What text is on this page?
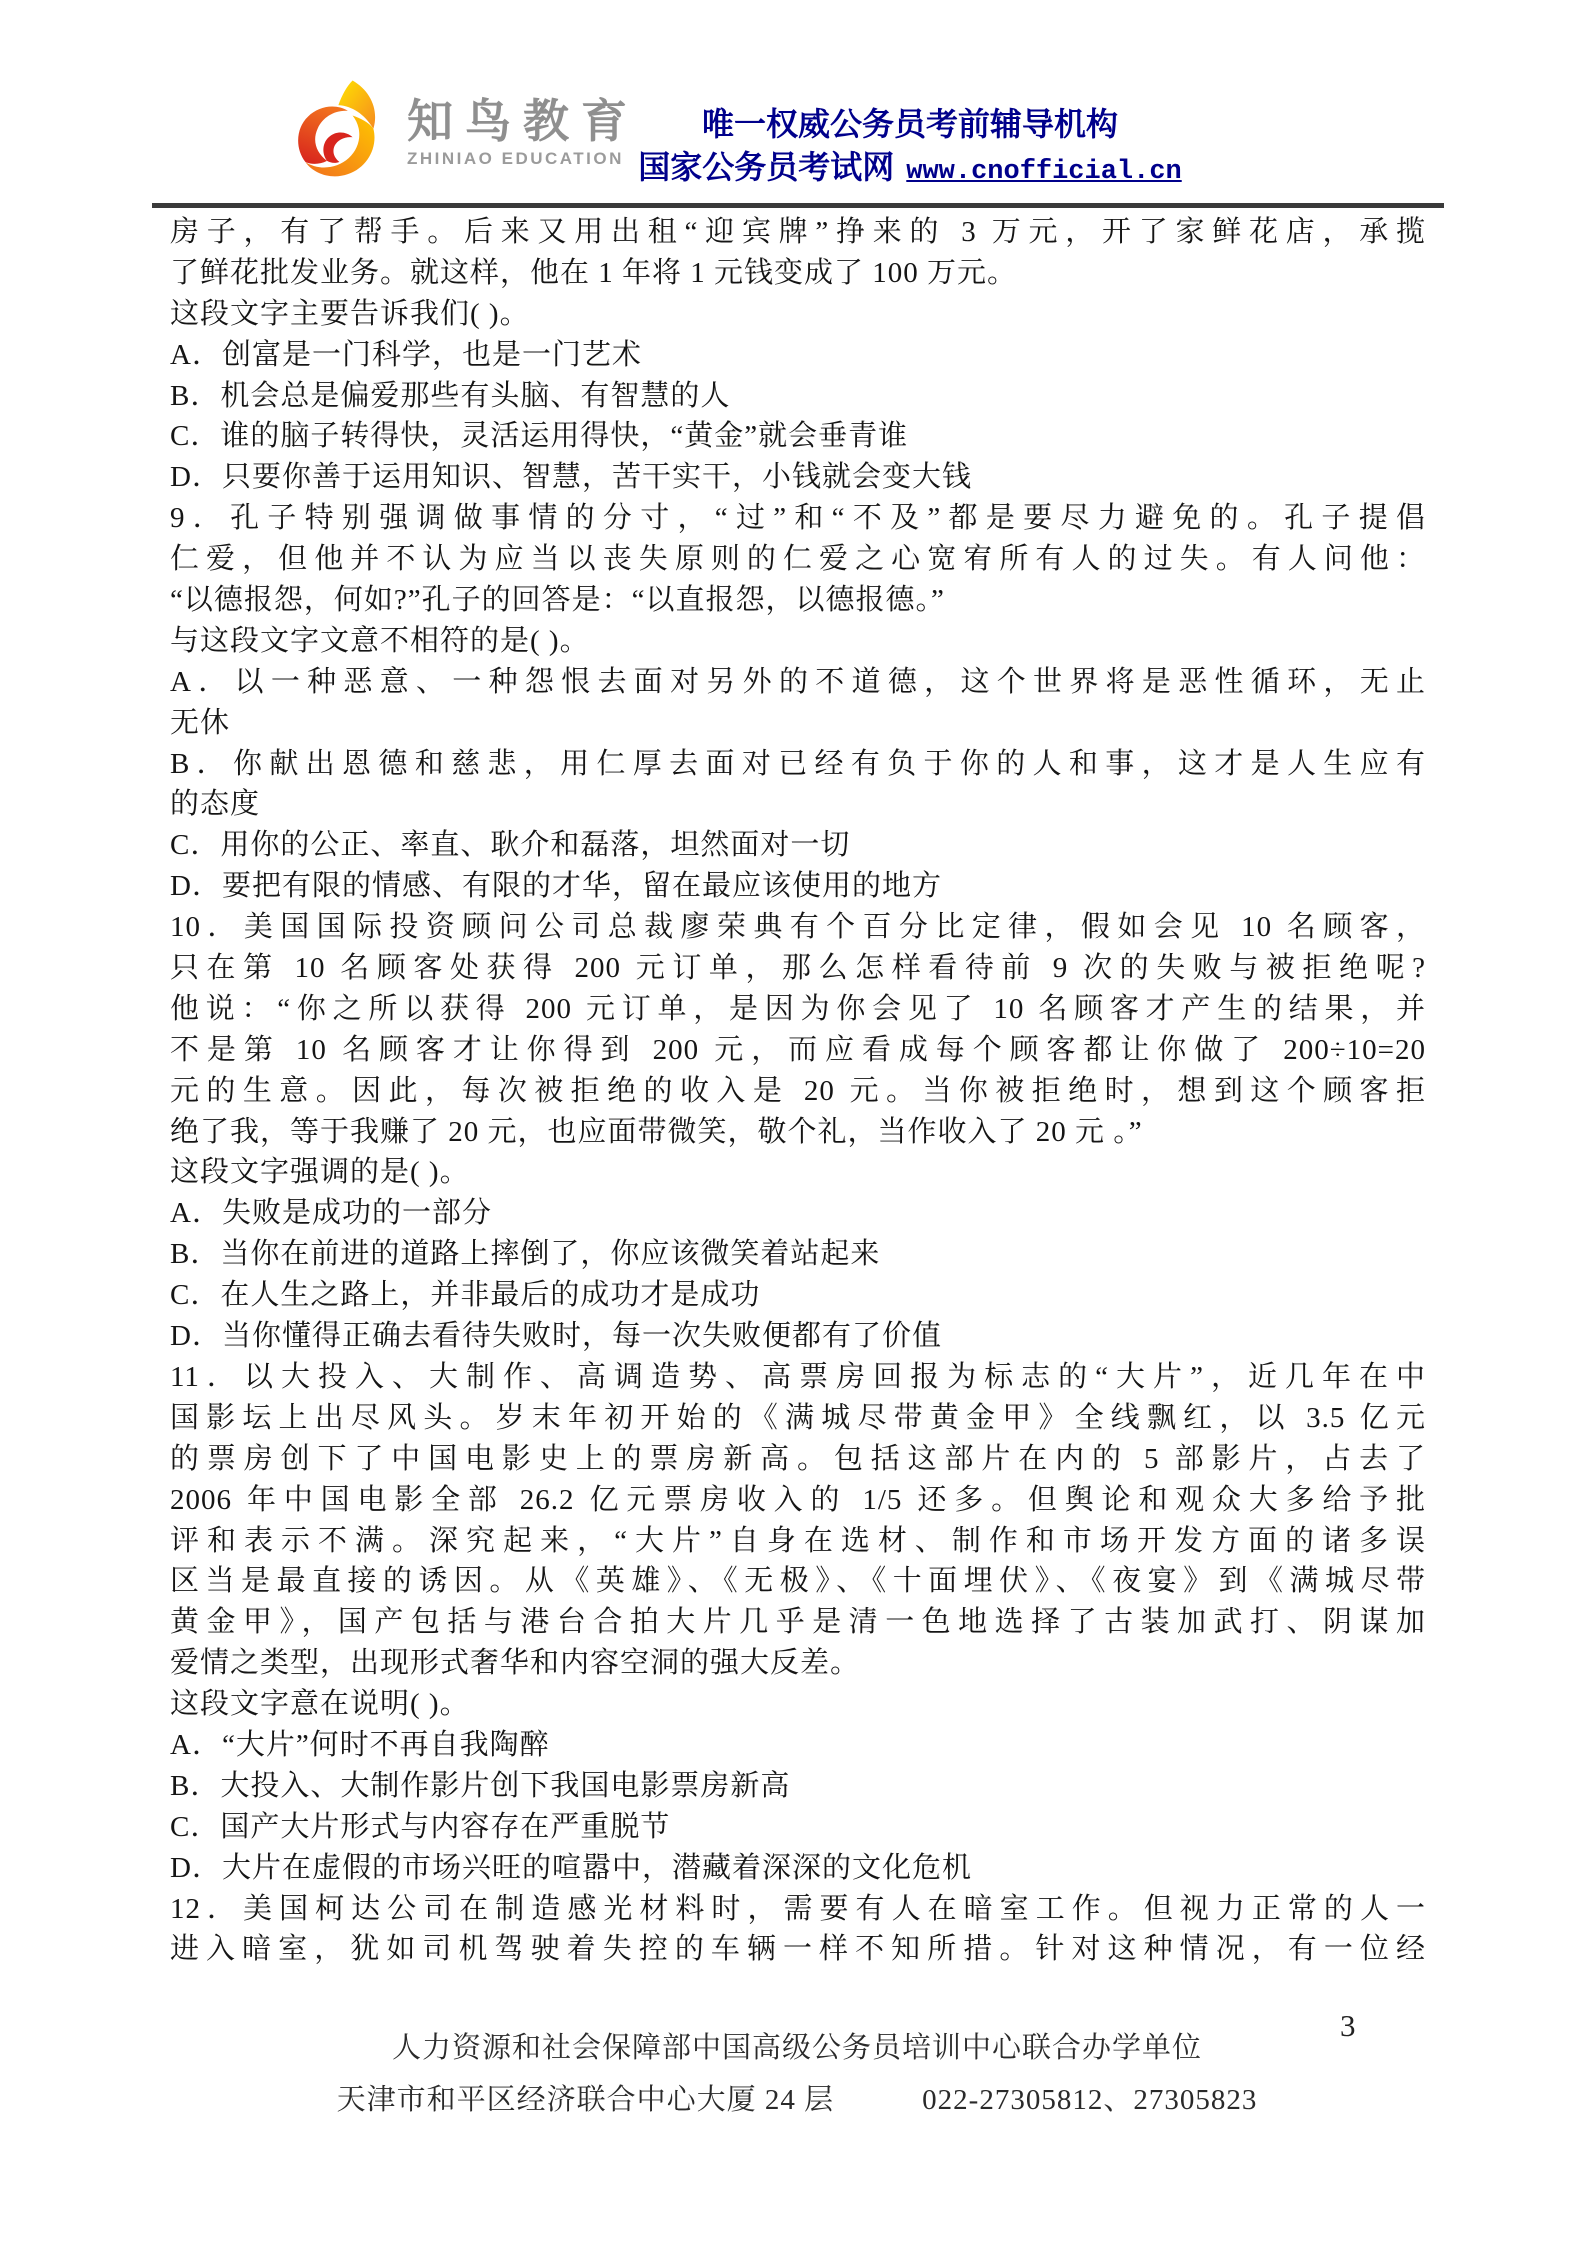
知鸟教育
ZHINIAO EDUCATION
唯一权威公务员考前辅导机构
国家公务员考试网 www.cnofficial.cn

房子，有了帮手。后来又用出租“迎宾牌”挣来的 3 万元，开了家鲜花店，承揽

了鲜花批发业务。就这样，他在 1 年将 1 元钱变成了 100 万元。

这段文字主要告诉我们( )。

A．创富是一门科学，也是一门艺术

B．机会总是偏爱那些有头脑、有智慧的人

C．谁的脑子转得快，灵活运用得快，“黄金”就会垂青谁

D．只要你善于运用知识、智慧，苦干实干，小钱就会变大钱

9．孔子特别强调做事情的分寸，“过”和“不及”都是要尽力避免的。孔子提倡

仁爱，但他并不认为应当以丧失原则的仁爱之心宽宥所有人的过失。有人问他：

“以德报怨，何如?”孔子的回答是：“以直报怨，以德报德。”

与这段文字文意不相符的是( )。

A．以一种恶意、一种怨恨去面对另外的不道德，这个世界将是恶性循环，无止

无休

B．你献出恩德和慈悲，用仁厚去面对已经有负于你的人和事，这才是人生应有

的态度

C．用你的公正、率直、耿介和磊落，坦然面对一切

D．要把有限的情感、有限的才华，留在最应该使用的地方

10．美国国际投资顾问公司总裁廖荣典有个百分比定律，假如会见 10 名顾客，

只在第 10 名顾客处获得 200 元订单，那么怎样看待前 9 次的失败与被拒绝呢?

他说：“你之所以获得 200 元订单，是因为你会见了 10 名顾客才产生的结果，并

不是第 10 名顾客才让你得到 200 元，而应看成每个顾客都让你做了 200÷10=20

元的生意。因此，每次被拒绝的收入是 20 元。当你被拒绝时，想到这个顾客拒

绝了我，等于我赚了 20 元，也应面带微笑，敬个礼，当作收入了 20 元 。”

这段文字强调的是( )。

A．失败是成功的一部分

B．当你在前进的道路上摔倒了，你应该微笑着站起来

C．在人生之路上，并非最后的成功才是成功

D．当你懂得正确去看待失败时，每一次失败便都有了价值

11．以大投入、大制作、高调造势、高票房回报为标志的“大片”，近几年在中

国影坛上出尽风头。岁末年初开始的《满城尽带黄金甲》全线飘红，以 3.5 亿元

的票房创下了中国电影史上的票房新高。包括这部片在内的 5 部影片，占去了

2006 年中国电影全部 26.2 亿元票房收入的 1/5 还多。但舆论和观众大多给予批

评和表示不满。深究起来，“大片”自身在选材、制作和市场开发方面的诸多误

区当是最直接的诱因。从《英雄》、《无极》、《十面埋伏》、《夜宴》到《满城尽带

黄金甲》，国产包括与港台合拍大片几乎是清一色地选择了古装加武打、阴谋加

爱情之类型，出现形式奢华和内容空洞的强大反差。

这段文字意在说明( )。

A．“大片”何时不再自我陶醉

B．大投入、大制作影片创下我国电影票房新高

C．国产大片形式与内容存在严重脱节

D．大片在虚假的市场兴旺的喧嚣中，潜藏着深深的文化危机

12．美国柯达公司在制造感光材料时，需要有人在暗室工作。但视力正常的人一

进入暗室，犹如司机驾驶着失控的车辆一样不知所措。针对这种情况，有一位经

3
人力资源和社会保障部中国高级公务员培训中心联合办学单位
天津市和平区经济联合中心大厦 24 层	022-27305812、27305823
